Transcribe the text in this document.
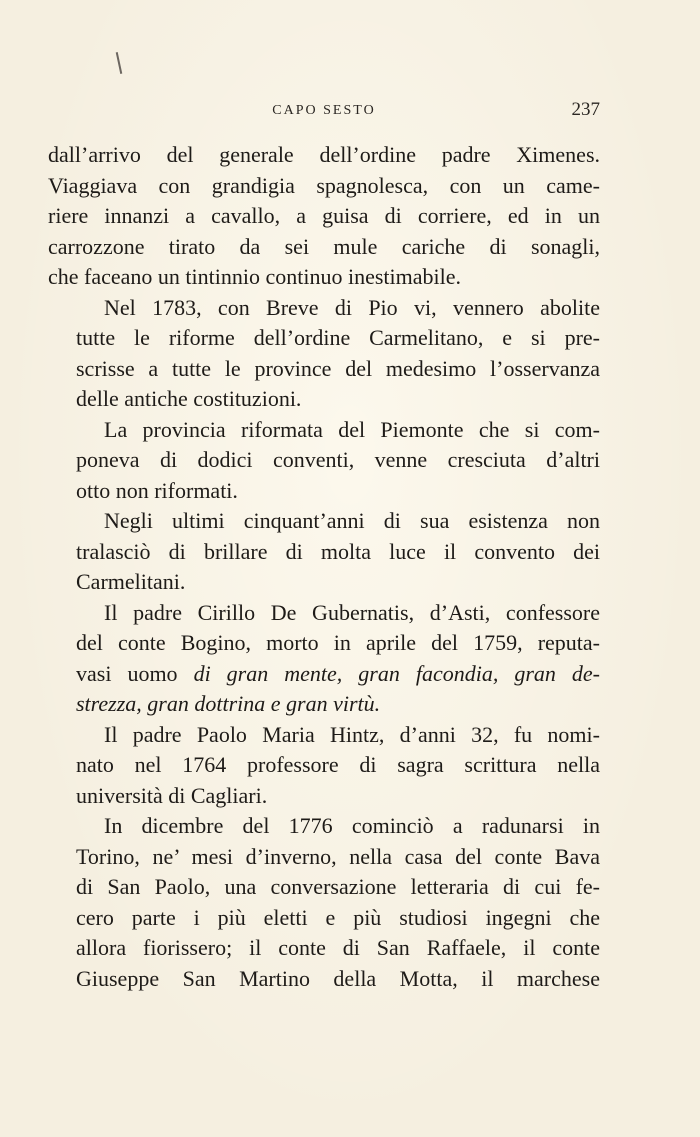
CAPO SESTO	237
dall’arrivo del generale dell’ordine padre Ximenes.
Viaggiava con grandigia spagnolesca, con un came-
riere innanzi a cavallo, a guisa di corriere, ed in un
carrozzone tirato da sei mule cariche di sonagli,
che faceano un tintinnio continuo inestimabile.
Nel 1783, con Breve di Pio vi, vennero abolite
tutte le riforme dell’ordine Carmelitano, e si pre-
scrisse a tutte le province del medesimo l’osservanza
delle antiche costituzioni.
La provincia riformata del Piemonte che si com-
poneva di dodici conventi, venne cresciuta d’altri
otto non riformati.
Negli ultimi cinquant’anni di sua esistenza non
tralasciò di brillare di molta luce il convento dei
Carmelitani.
Il padre Cirillo De Gubernatis, d’Asti, confessore
del conte Bogino, morto in aprile del 1759, reputa-
vasi uomo di gran mente, gran facondia, gran de-
strezza, gran dottrina e gran virtù.
Il padre Paolo Maria Hintz, d’anni 32, fu nomi-
nato nel 1764 professore di sagra scrittura nella
università di Cagliari.
In dicembre del 1776 cominciò a radunarsi in
Torino, ne’ mesi d’inverno, nella casa del conte Bava
di San Paolo, una conversazione letteraria di cui fe-
cero parte i più eletti e più studiosi ingegni che
allora fiorissero; il conte di San Raffaele, il conte
Giuseppe San Martino della Motta, il marchese
